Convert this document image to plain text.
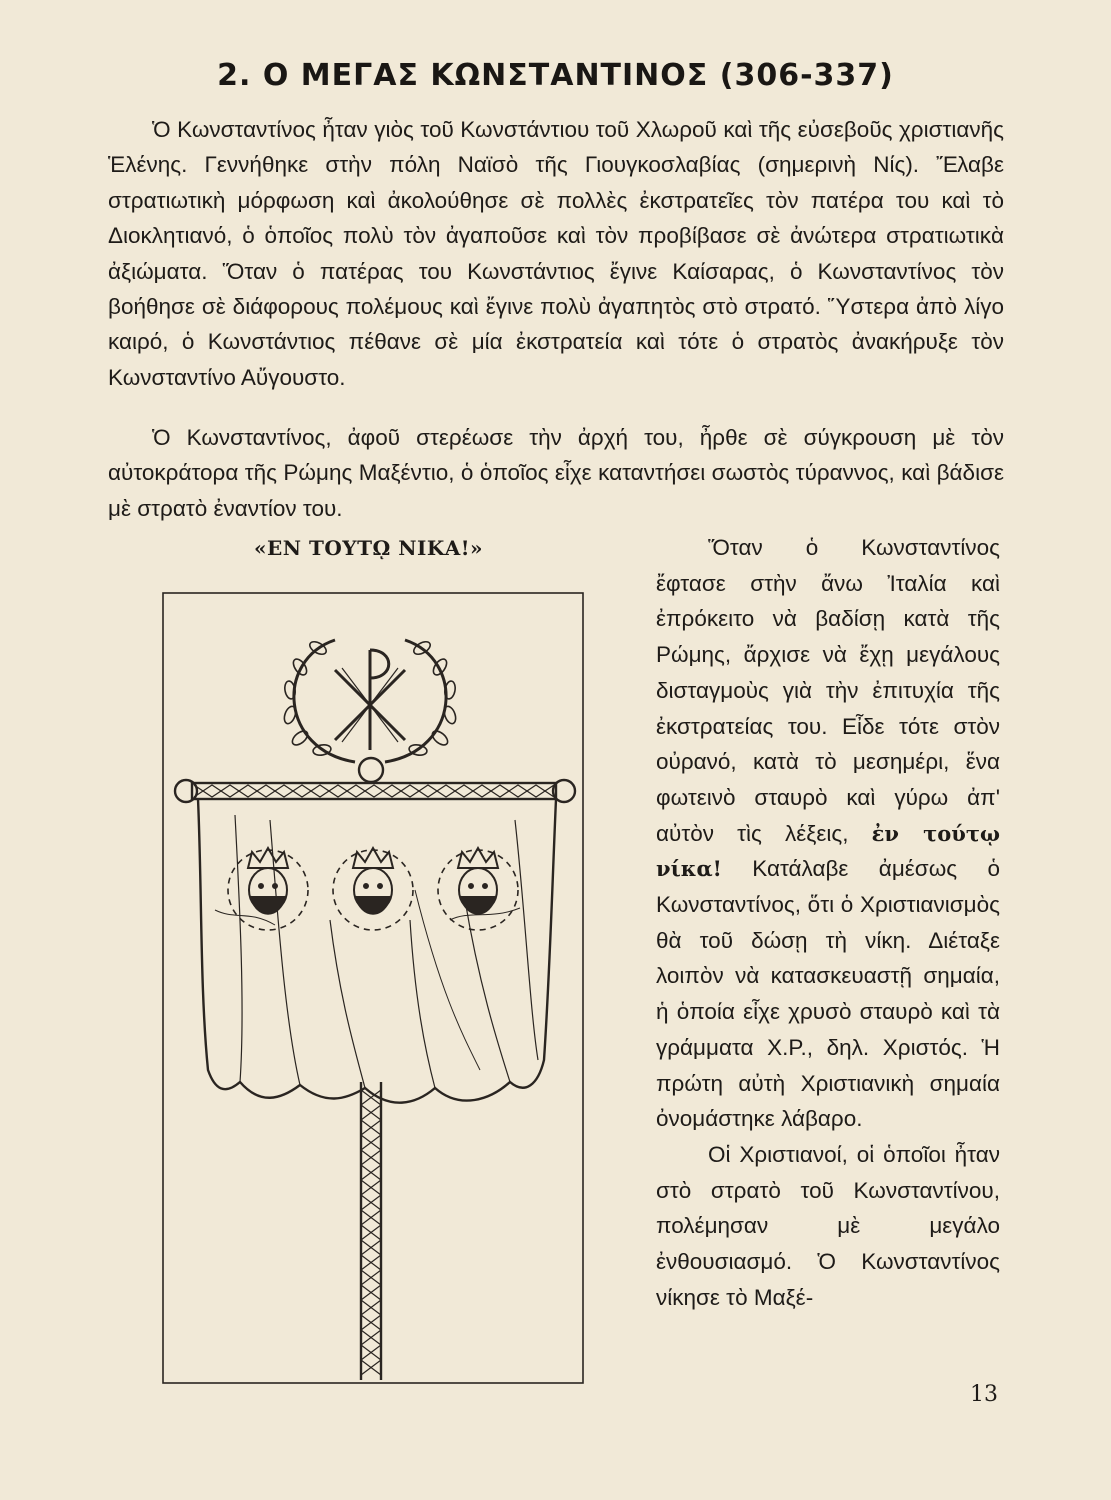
2. Ο ΜΕΓΑΣ ΚΩΝΣΤΑΝΤΙΝΟΣ (306-337)

Ὁ Κωνσταντίνος ἦταν γιὸς τοῦ Κωνστάντιου τοῦ Χλωροῦ καὶ τῆς εὐσεβοῦς χριστιανῆς Ἑλένης. Γεννήθηκε στὴν πόλη Ναϊσὸ τῆς Γιουγκοσλαβίας (σημερινὴ Νίς). Ἔλαβε στρατιωτικὴ μόρφωση καὶ ἀκολούθησε σὲ πολλὲς ἐκστρατεῖες τὸν πατέρα του καὶ τὸ Διοκλητιανό, ὁ ὁποῖος πολὺ τὸν ἀγαποῦσε καὶ τὸν προβίβασε σὲ ἀνώτερα στρατιωτικὰ ἀξιώματα. Ὅταν ὁ πατέρας του Κωνστάντιος ἔγινε Καίσαρας, ὁ Κωνσταντίνος τὸν βοήθησε σὲ διάφορους πολέμους καὶ ἔγινε πολὺ ἀγαπητὸς στὸ στρατό. Ὕστερα ἀπὸ λίγο καιρό, ὁ Κωνστάντιος πέθανε σὲ μία ἐκστρατεία καὶ τότε ὁ στρατὸς ἀνακήρυξε τὸν Κωνσταντίνο Αὔγουστο.

Ὁ Κωνσταντίνος, ἀφοῦ στερέωσε τὴν ἀρχή του, ἦρθε σὲ σύγκρουση μὲ τὸν αὐτοκράτορα τῆς Ρώμης Μαξέντιο, ὁ ὁποῖος εἶχε καταντήσει σωστὸς τύραννος, καὶ βάδισε μὲ στρατὸ ἐναντίον του.

«ΕΝ ΤΟΥΤῼ ΝΙΚΑ!»	Ὅταν ὁ Κωνσταντίνος ἔφτασε στὴν ἄνω Ἰταλία καὶ ἐπρόκειτο νὰ βαδίσῃ κατὰ τῆς Ρώμης, ἄρχισε νὰ ἔχῃ μεγάλους δισταγμοὺς γιὰ τὴν ἐπιτυχία τῆς ἐκστρατείας του. Εἶδε τότε στὸν οὐρανό, κατὰ τὸ μεσημέρι, ἕνα φωτεινὸ σταυρὸ καὶ γύρω ἀπ' αὐτὸν τὶς λέξεις, ἐν τούτῳ νίκα! Κατάλαβε ἀμέσως ὁ Κωνσταντίνος, ὅτι ὁ Χριστιανισμὸς θὰ τοῦ δώσῃ τὴ νίκη. Διέταξε λοιπὸν νὰ κατασκευαστῇ σημαία, ἡ ὁποία εἶχε χρυσὸ σταυρὸ καὶ τὰ γράμματα Χ.Ρ., δηλ. Χριστός. Ἡ πρώτη αὐτὴ Χριστιανικὴ σημαία ὀνομάστηκε λάβαρο.

Οἱ Χριστιανοί, οἱ ὁποῖοι ἦταν στὸ στρατὸ τοῦ Κωνσταντίνου, πολέμησαν μὲ μεγάλο ἐνθουσιασμό. Ὁ Κωνσταντίνος νίκησε τὸ Μαξέ-

13
